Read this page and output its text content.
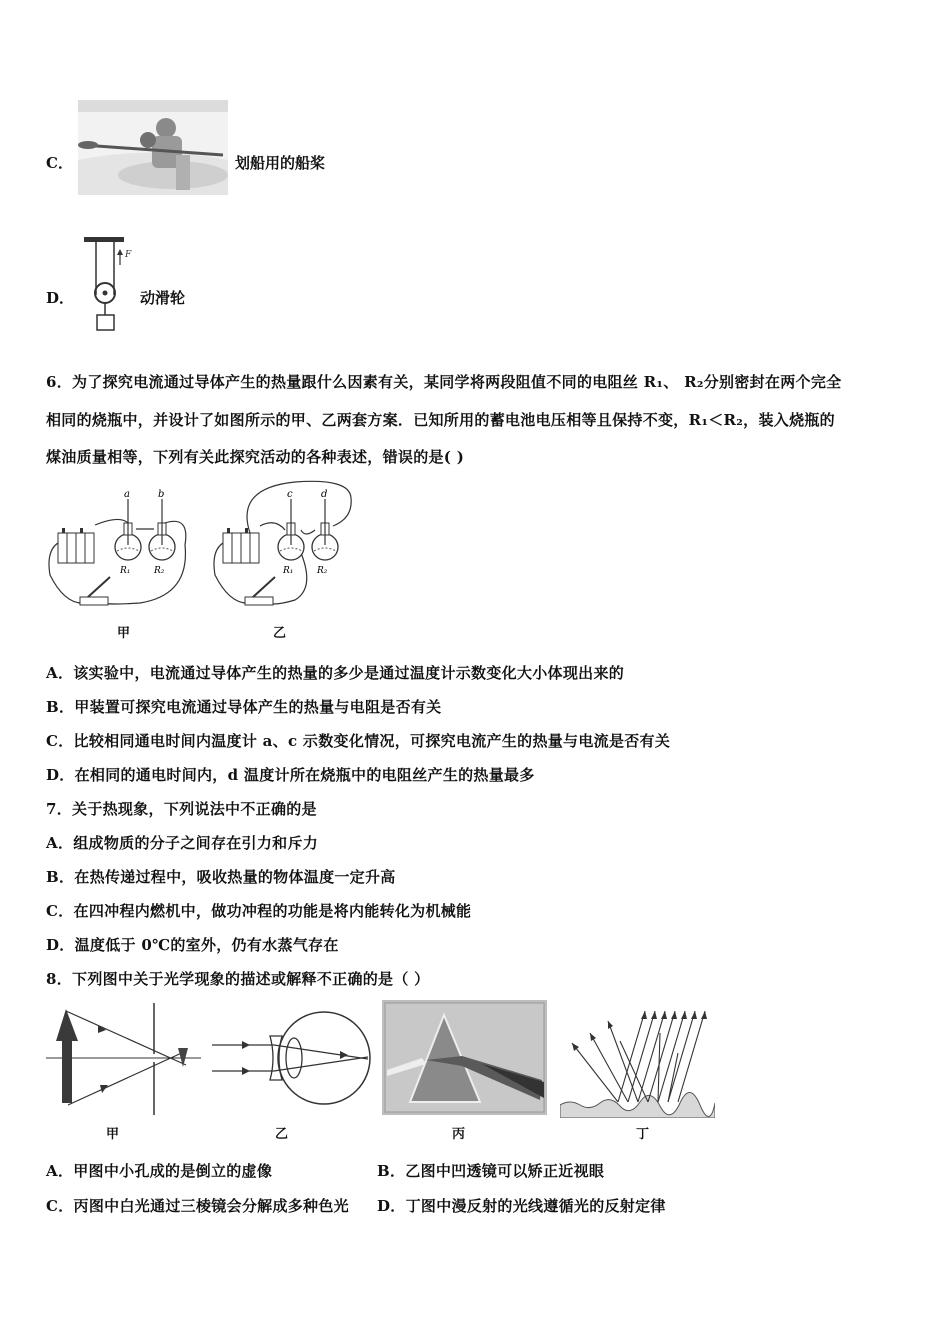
C．	划船用的船桨
D．
F
动滑轮
6．为了探究电流通过导体产生的热量跟什么因素有关，某同学将两段阻值不同的电阻丝 R₁、 R₂分别密封在两个完全
相同的烧瓶中，并设计了如图所示的甲、乙两套方案．已知所用的蓄电池电压相等且保持不变，R₁＜R₂，装入烧瓶的
煤油质量相等，下列有关此探究活动的各种表述，错误的是( )
a	b
R₁	R₂
甲
c	d
R₁	R₂
乙
A．该实验中，电流通过导体产生的热量的多少是通过温度计示数变化大小体现出来的
B．甲装置可探究电流通过导体产生的热量与电阻是否有关
C．比较相同通电时间内温度计 a、c 示数变化情况，可探究电流产生的热量与电流是否有关
D．在相同的通电时间内，d 温度计所在烧瓶中的电阻丝产生的热量最多
7．关于热现象，下列说法中不正确的是
A．组成物质的分子之间存在引力和斥力
B．在热传递过程中，吸收热量的物体温度一定升高
C．在四冲程内燃机中，做功冲程的功能是将内能转化为机械能
D．温度低于 0℃的室外，仍有水蒸气存在
8．下列图中关于光学现象的描述或解释不正确的是（ ）
甲	乙	丙	丁
A．甲图中小孔成的是倒立的虚像	B．乙图中凹透镜可以矫正近视眼
C．丙图中白光通过三棱镜会分解成多种色光 D．丁图中漫反射的光线遵循光的反射定律
